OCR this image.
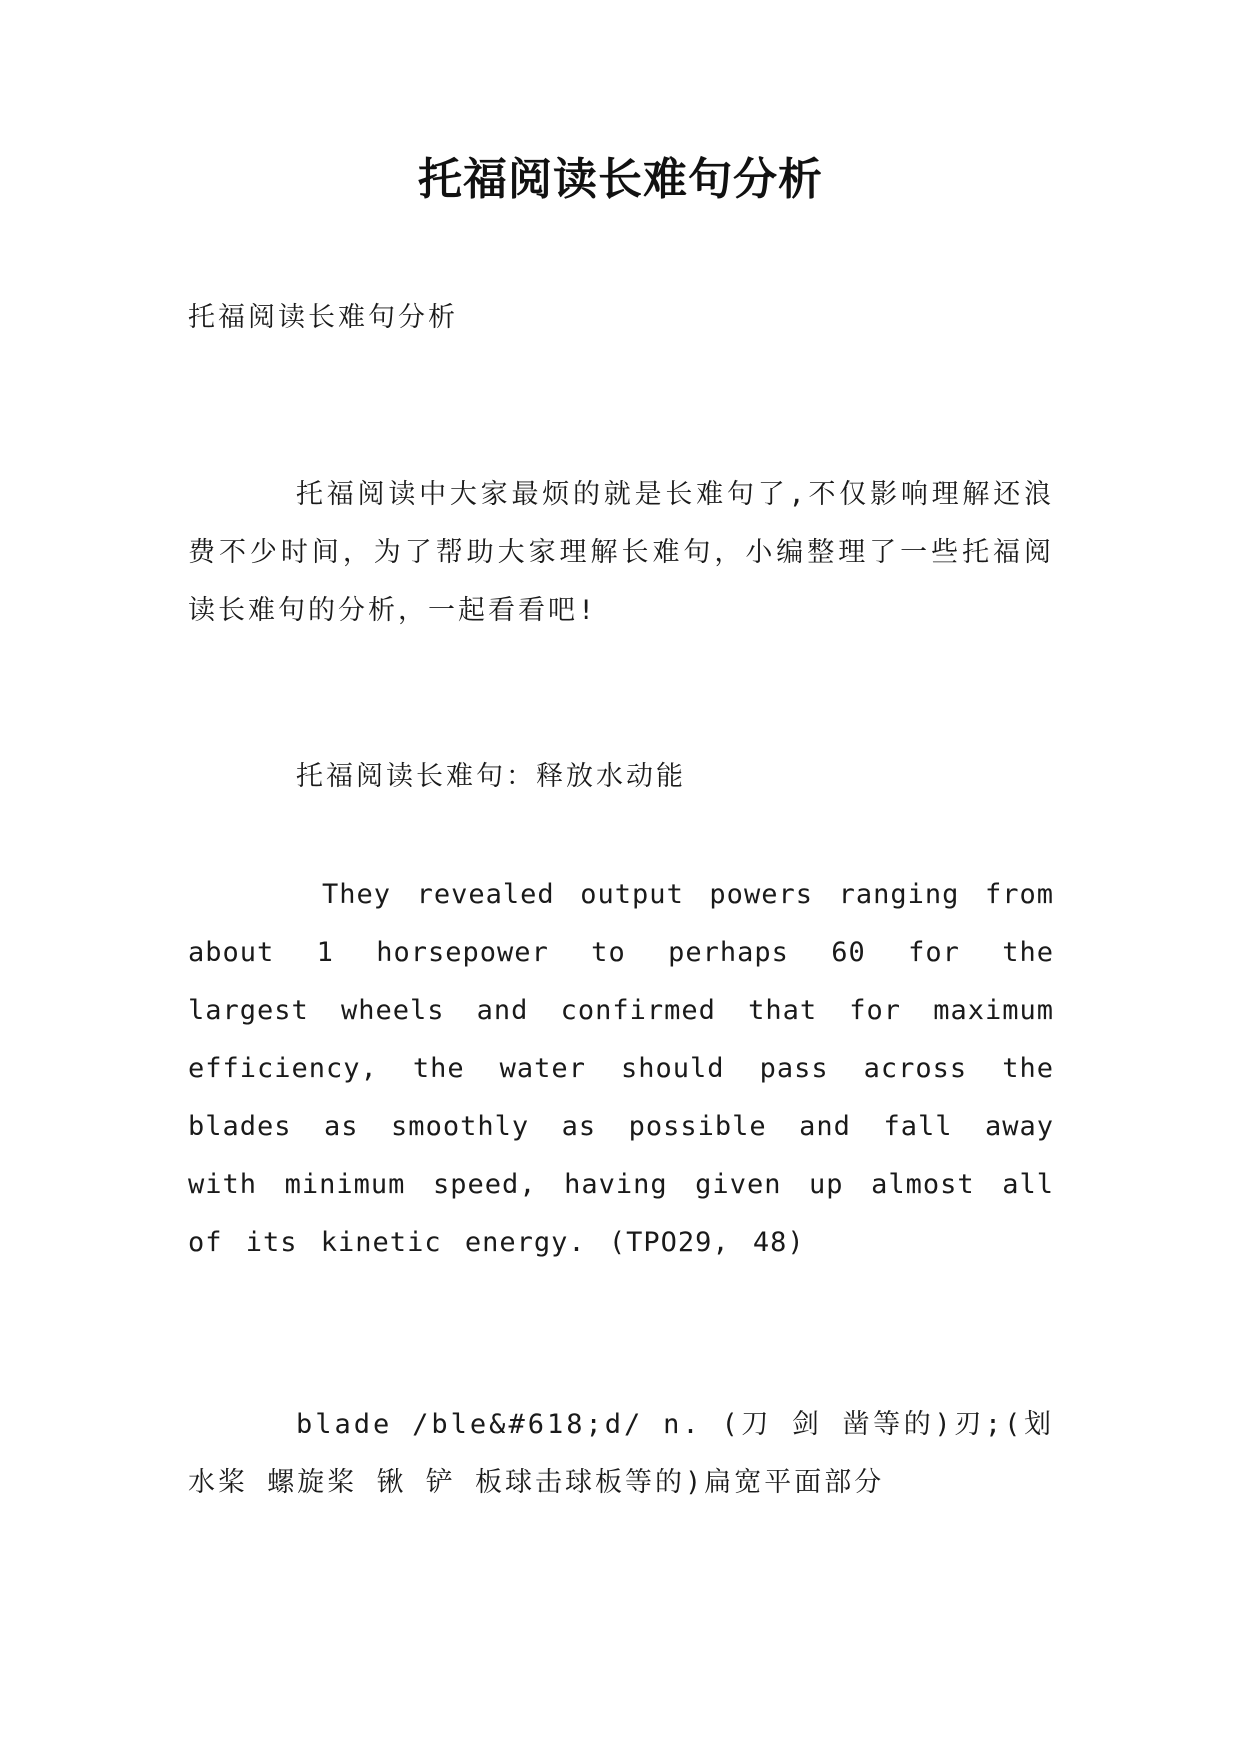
托福阅读长难句分析
托福阅读长难句分析
托福阅读中大家最烦的就是长难句了,不仅影响理解还浪费不少时间，为了帮助大家理解长难句，小编整理了一些托福阅读长难句的分析，一起看看吧!
托福阅读长难句：释放水动能
They revealed output powers ranging from about 1 horsepower to perhaps 60 for the largest wheels and confirmed that for maximum efficiency, the water should pass across the blades as smoothly as possible and fall away with minimum speed, having given up almost all of its kinetic energy. (TPO29, 48)
blade /ble&#618;d/ n. (刀 剑 凿等的)刃;(划水桨 螺旋桨 锹 铲 板球击球板等的)扁宽平面部分
